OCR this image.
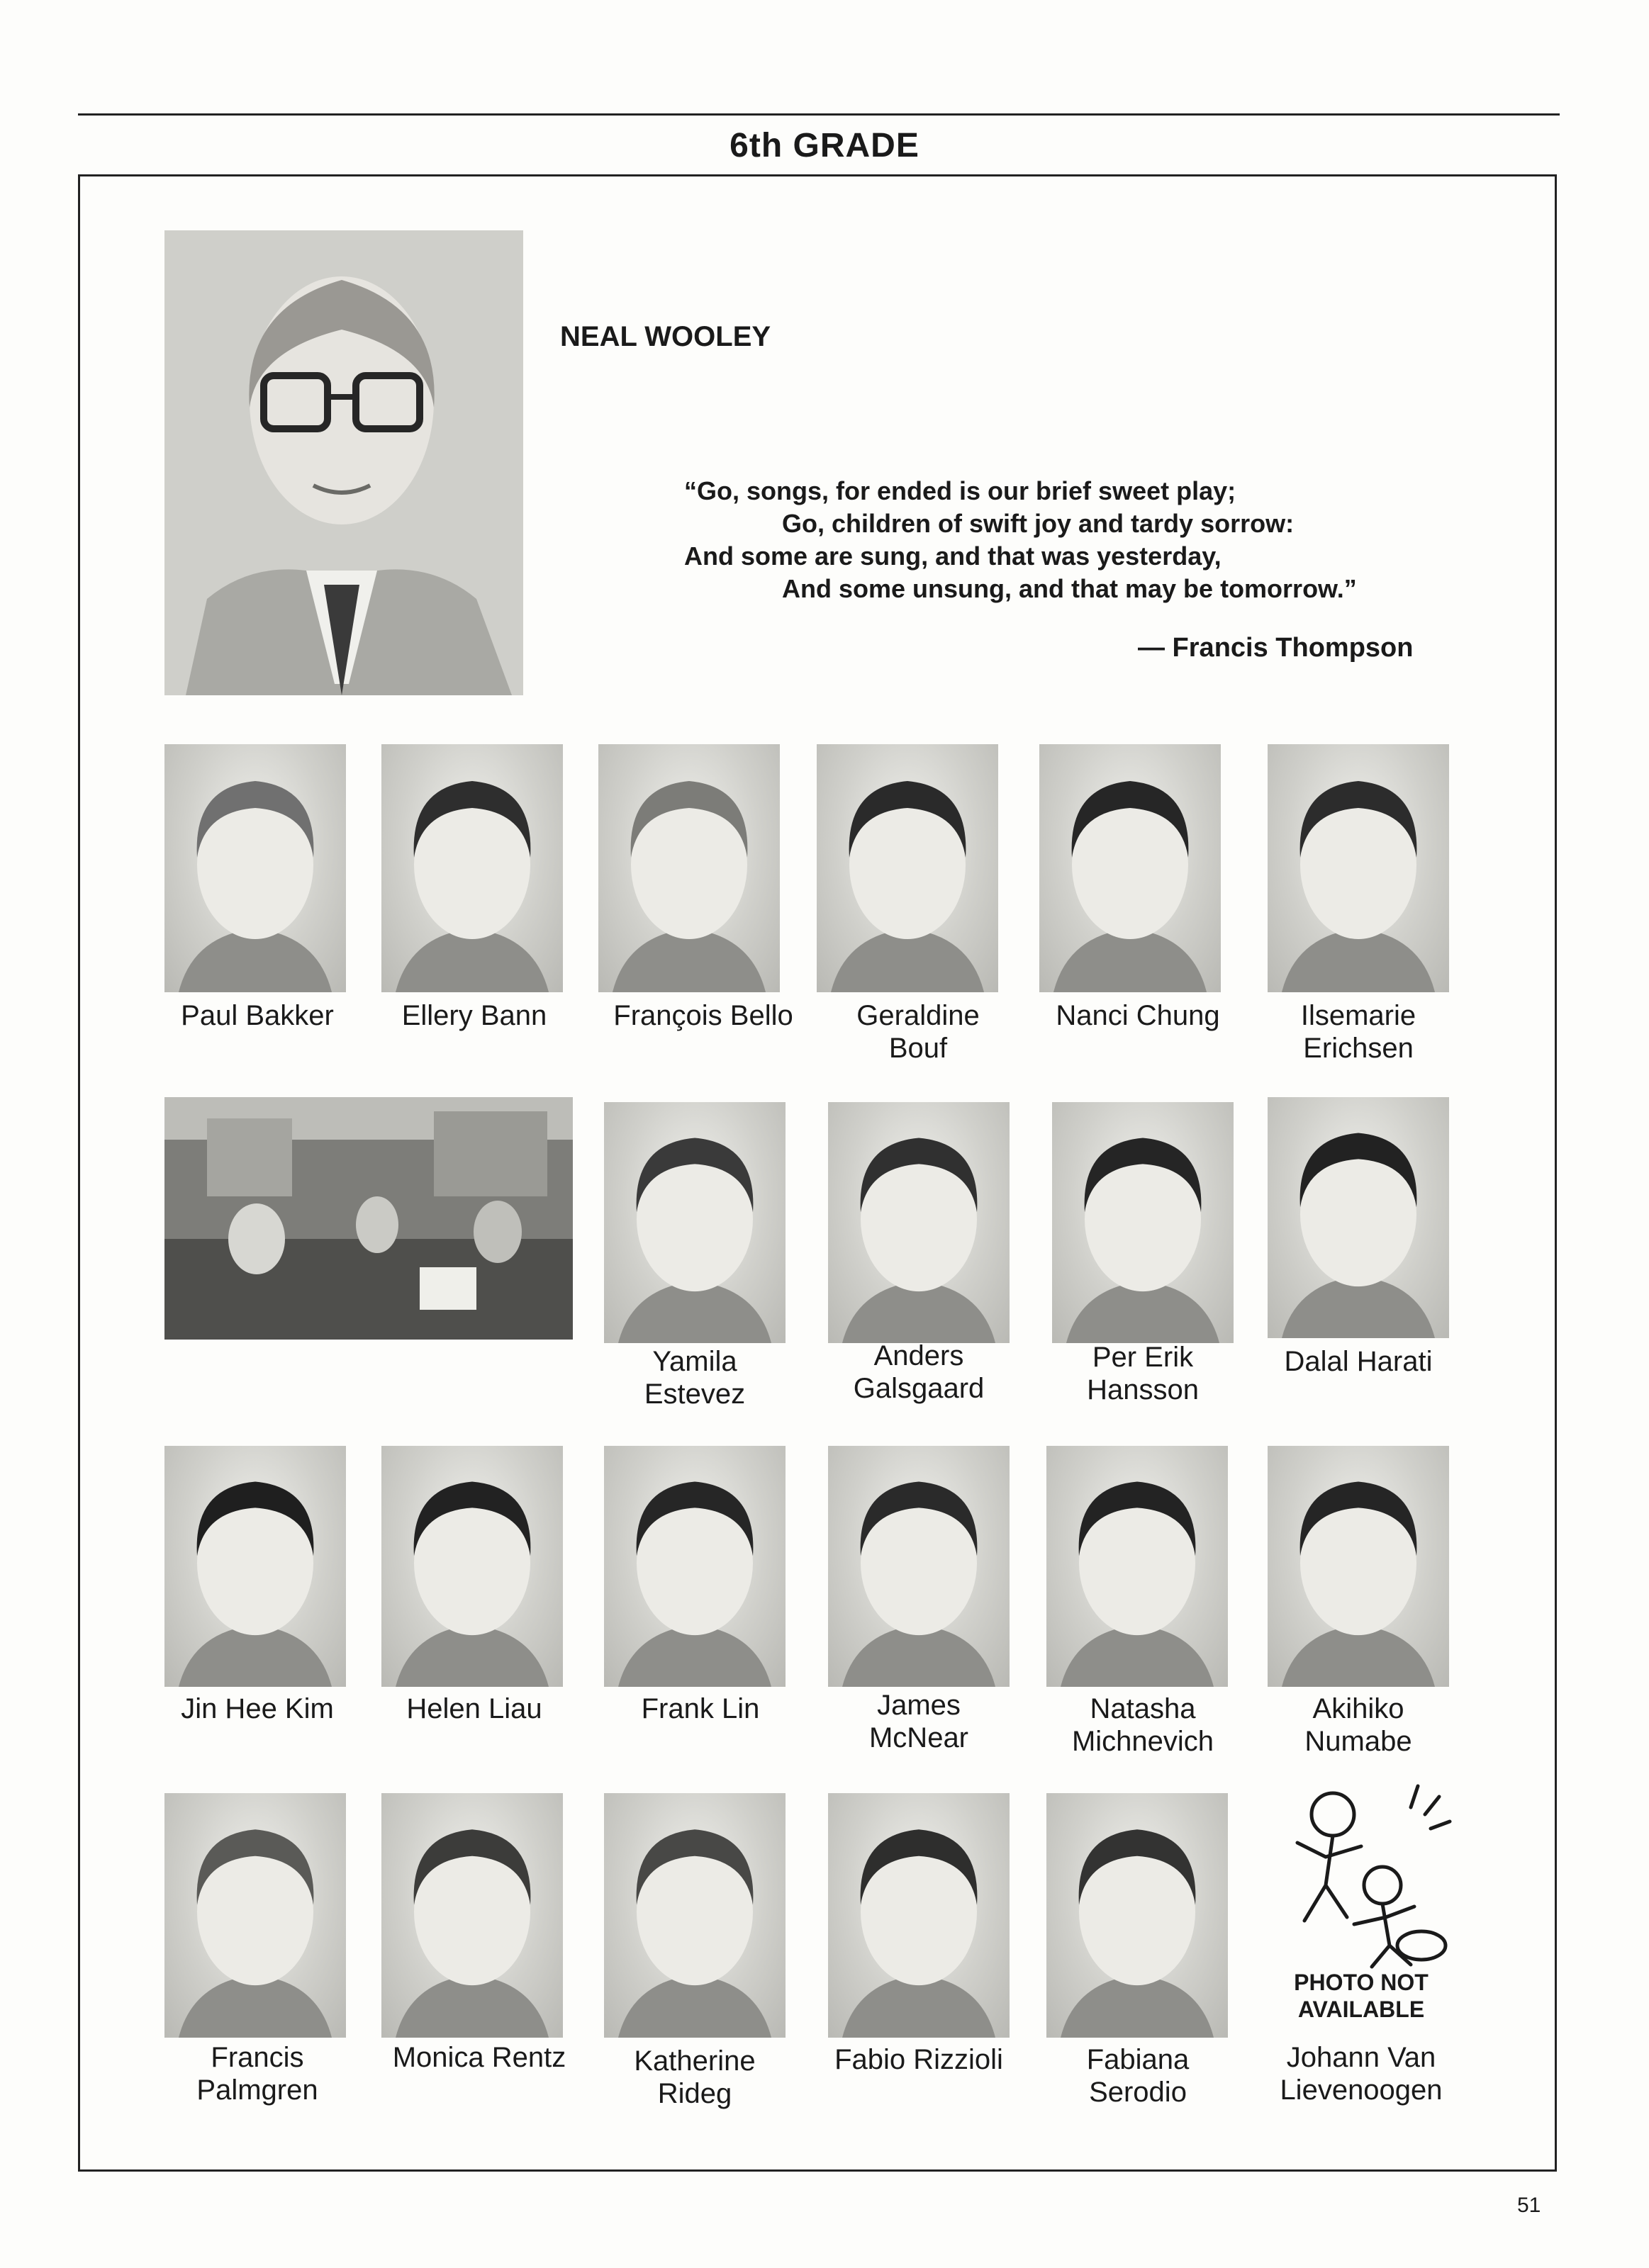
6th GRADE
NEAL WOOLEY
“Go, songs, for ended is our brief sweet play;
Go, children of swift joy and tardy sorrow:
And some are sung, and that was yesterday,
And some unsung, and that may be tomorrow.”
— Francis Thompson
Paul Bakker	Ellery Bann	François Bello	Geraldine
Bouf
Nanci Chung	Ilsemarie
Erichsen
Yamila
Estevez
Anders
Galsgaard
Per Erik
Hansson
Dalal Harati
Jin Hee Kim	Helen Liau	Frank Lin	James
McNear
Natasha
Michnevich
Akihiko
Numabe
PHOTO NOT
AVAILABLE
Francis
Palmgren
Monica Rentz	Katherine
Rideg
Fabio Rizzioli	Fabiana
Serodio
Johann Van
Lievenoogen
51
